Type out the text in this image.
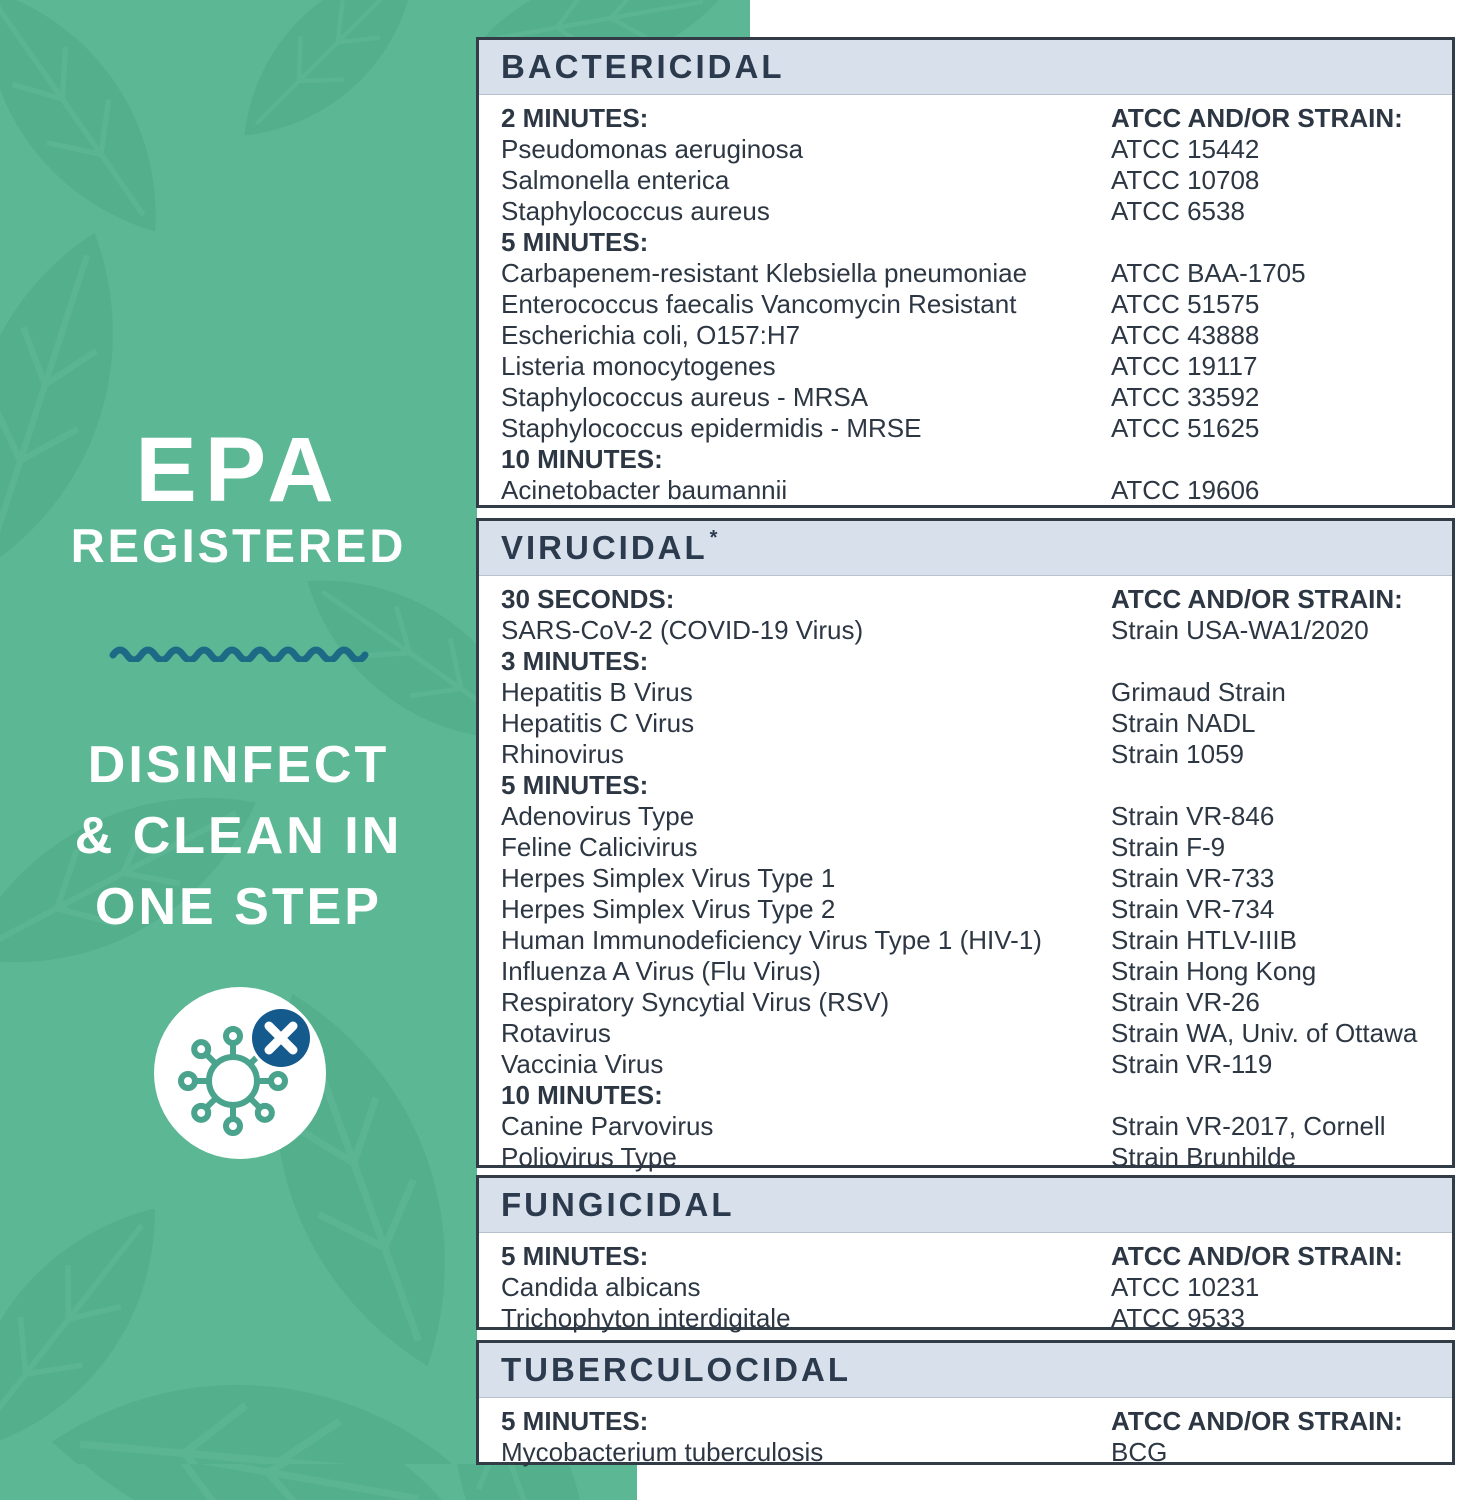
EPA
REGISTERED
DISINFECT
& CLEAN IN
ONE STEP
BACTERICIDAL
2 MINUTES:	ATCC AND/OR STRAIN:
Pseudomonas aeruginosa	ATCC 15442
Salmonella enterica	ATCC 10708
Staphylococcus aureus	ATCC 6538
5 MINUTES:
Carbapenem-resistant Klebsiella pneumoniae	ATCC BAA-1705
Enterococcus faecalis Vancomycin Resistant	ATCC 51575
Escherichia coli, O157:H7	ATCC 43888
Listeria monocytogenes	ATCC 19117
Staphylococcus aureus - MRSA	ATCC 33592
Staphylococcus epidermidis - MRSE	ATCC 51625
10 MINUTES:
Acinetobacter baumannii	ATCC 19606
VIRUCIDAL *
30 SECONDS:	ATCC AND/OR STRAIN:
SARS-CoV-2 (COVID-19 Virus)	Strain USA-WA1/2020
3 MINUTES:
Hepatitis B Virus	Grimaud Strain
Hepatitis C Virus	Strain NADL
Rhinovirus	Strain 1059
5 MINUTES:
Adenovirus Type	Strain VR-846
Feline Calicivirus	Strain F-9
Herpes Simplex Virus Type 1	Strain VR-733
Herpes Simplex Virus Type 2	Strain VR-734
Human Immunodeficiency Virus Type 1 (HIV-1)	Strain HTLV-IIIB
Influenza A Virus (Flu Virus)	Strain Hong Kong
Respiratory Syncytial Virus (RSV)	Strain VR-26
Rotavirus	Strain WA, Univ. of Ottawa
Vaccinia Virus	Strain VR-119
10 MINUTES:
Canine Parvovirus	Strain VR-2017, Cornell
Poliovirus Type	Strain Brunhilde
FUNGICIDAL
5 MINUTES:	ATCC AND/OR STRAIN:
Candida albicans	ATCC 10231
Trichophyton interdigitale	ATCC 9533
TUBERCULOCIDAL
5 MINUTES:	ATCC AND/OR STRAIN:
Mycobacterium tuberculosis	BCG
